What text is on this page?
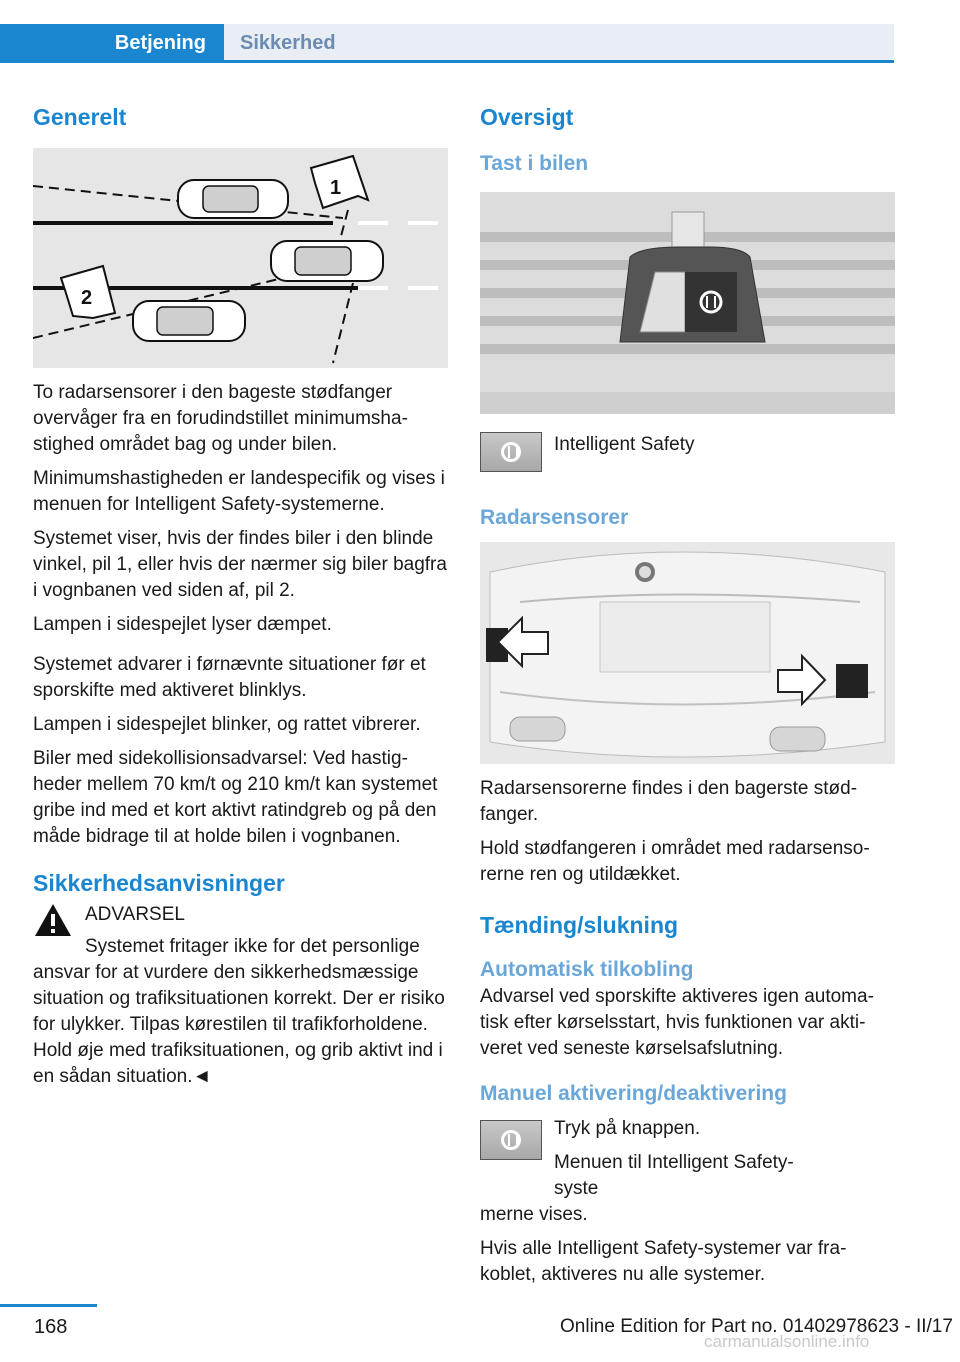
Betjening	Sikkerhed
Generelt
1
2

To radarsensorer i den bageste stødfanger overvåger fra en forudindstillet minimumshastighed området bag og under bilen.

Minimumshastigheden er landespecifik og vises i menuen for Intelligent Safety-systemerne.

Systemet viser, hvis der findes biler i den blinde vinkel, pil 1, eller hvis der nærmer sig biler bagfra i vognbanen ved siden af, pil 2.

Lampen i sidespejlet lyser dæmpet.

Systemet advarer i førnævnte situationer før et sporskifte med aktiveret blinklys.

Lampen i sidespejlet blinker, og rattet vibrerer.

Biler med sidekollisionsadvarsel: Ved hastigheder mellem 70 km/t og 210 km/t kan systemet gribe ind med et kort aktivt ratindgreb og på den måde bidrage til at holde bilen i vognbanen.

Sikkerhedsanvisninger

ADVARSEL

Systemet fritager ikke for det personlige

ansvar for at vurdere den sikkerhedsmæssige situation og trafiksituationen korrekt. Der er risiko for ulykker. Tilpas kørestilen til trafikforholdene. Hold øje med trafiksituationen, og grib aktivt ind i en sådan situation.◄

Oversigt
Tast i bilen

Intelligent Safety

Radarsensorer

Radarsensorerne findes i den bagerste stødfanger.

Hold stødfangeren i området med radarsensorerne ren og utildækket.

Tænding/slukning
Automatisk tilkobling

Advarsel ved sporskifte aktiveres igen automatisk efter kørselsstart, hvis funktionen var aktiveret ved seneste kørselsafslutning.

Manuel aktivering/deaktivering

Tryk på knappen.

Menuen til Intelligent Safety-syste

merne vises.

Hvis alle Intelligent Safety-systemer var frakoblet, aktiveres nu alle systemer.

168	Online Edition for Part no. 01402978623 - II/17
carmanualsonline.info
